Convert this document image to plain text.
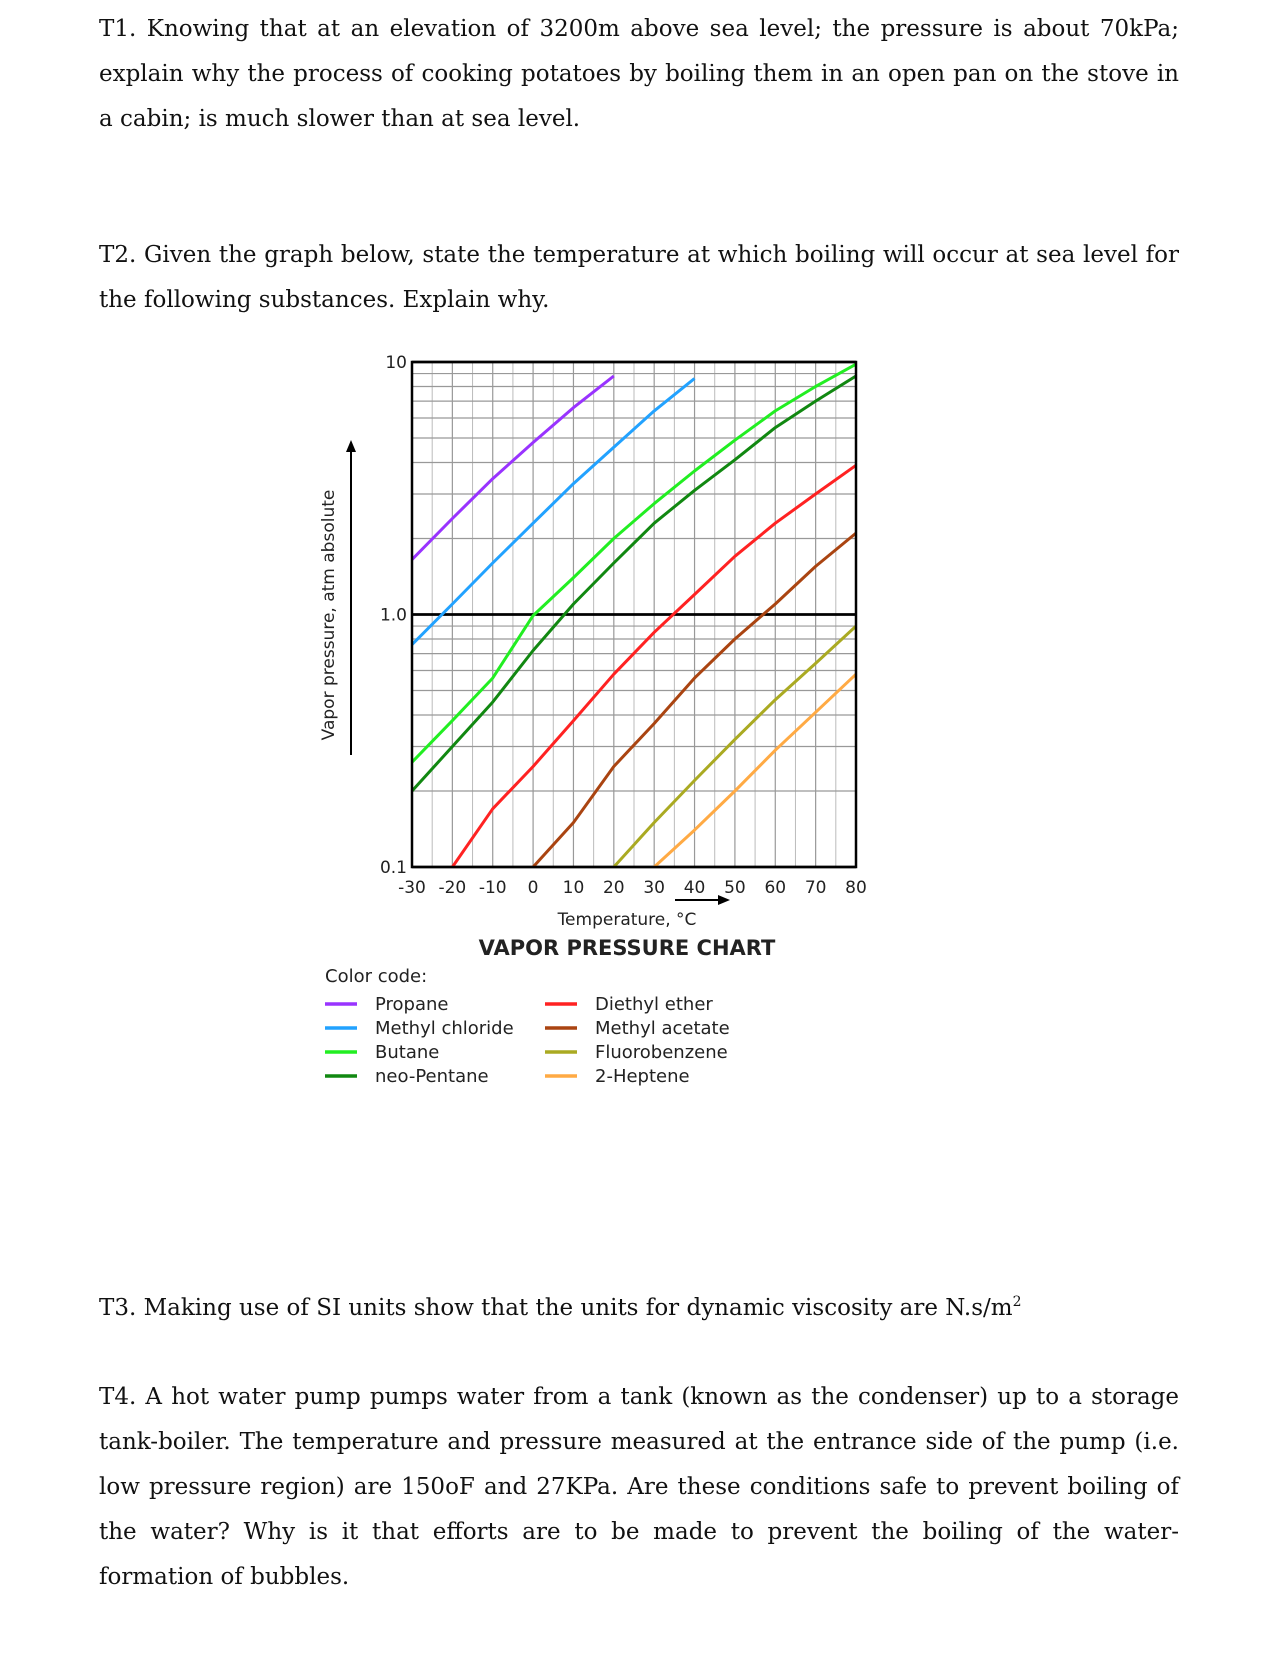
T1. Knowing that at an elevation of 3200m above sea level; the pressure is about 70kPa; explain why the process of cooking potatoes by boiling them in an open pan on the stove in a cabin; is much slower than at sea level.

T2. Given the graph below, state the temperature at which boiling will occur at sea level for the following substances. Explain why.

-30 -20 -10 0 10 20 30 40 50 60 70 80
10
1.0
0.1
Vapor pressure, atm absolute
Temperature, °C
VAPOR PRESSURE CHART
Color code:
Propane
Methyl chloride
Butane
neo-Pentane
Diethyl ether
Methyl acetate
Fluorobenzene
2-Heptene

T3. Making use of SI units show that the units for dynamic viscosity are $N.s/m^2$

T4. A hot water pump pumps water from a tank (known as the condenser) up to a storage tank-boiler. The temperature and pressure measured at the entrance side of the pump (i.e. low pressure region) are 150oF and 27KPa. Are these conditions safe to prevent boiling of the water? Why is it that efforts are to be made to prevent the boiling of the water-formation of bubbles.
